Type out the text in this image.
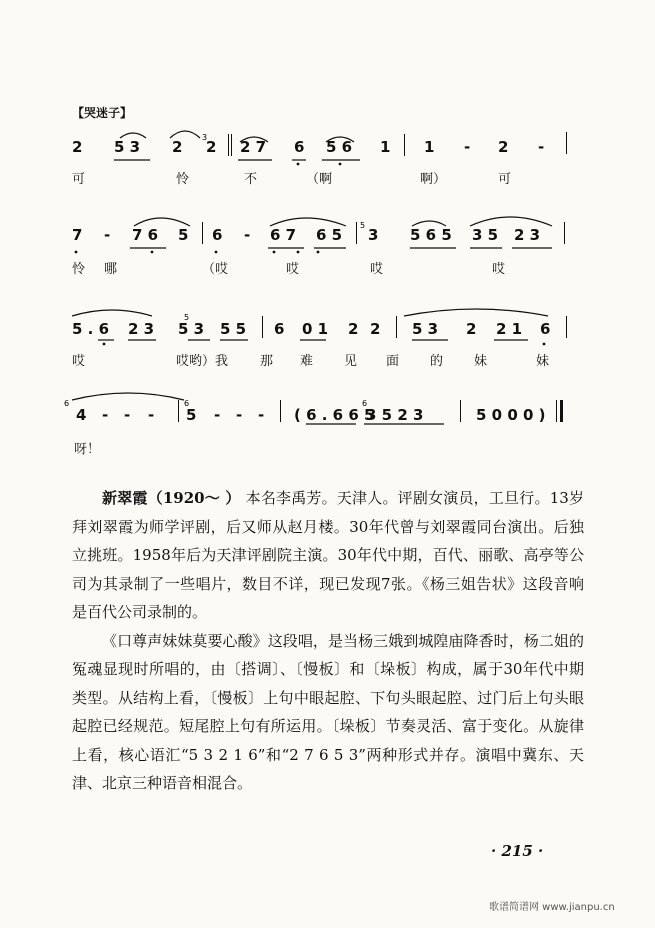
【哭迷子】
3
2 5 3 2 2 2 7 6 5 6 1 1 - 2 -
可	怜	不	（啊	啊）	可
5
7 - 7 6 5 6 - 6 7 6 5 3 5 6 5 3 5 2 3
怜 哪	（哎	哎	哎	哎
5
5 . 6 2 3 5 3 5 5 6 0 1 2 2 5 3 2 2 1 6
哎	哎哟）我 那 难 见 面 的 妹	妹
6	6	6
4 - - - 5 - - - ( 6 . 6 6 5
3 5 2 3	5 0 0 0 )
呀！

新翠霞（1920～ ） 本名李禹芳。天津人。评剧女演员，工旦行。13岁拜刘翠霞为师学评剧，后又师从赵月楼。30年代曾与刘翠霞同台演出。后独立挑班。1958年后为天津评剧院主演。30年代中期，百代、丽歌、高亭等公司为其录制了一些唱片，数目不详，现已发现7张。《杨三姐告状》这段音响是百代公司录制的。

《口尊声妹妹莫要心酸》这段唱，是当杨三娥到城隍庙降香时，杨二姐的冤魂显现时所唱的，由〔搭调〕、〔慢板〕和〔垛板〕构成，属于30年代中期类型。从结构上看，〔慢板〕上句中眼起腔、下句头眼起腔、过门后上句头眼起腔已经规范。短尾腔上句有所运用。〔垛板〕节奏灵活、富于变化。从旋律上看，核心语汇“5 3 2 1 6”和“2 7 6 5 3”两种形式并存。演唱中冀东、天津、北京三种语音相混合。

· 215 ·
歌谱简谱网 www.jianpu.cn
